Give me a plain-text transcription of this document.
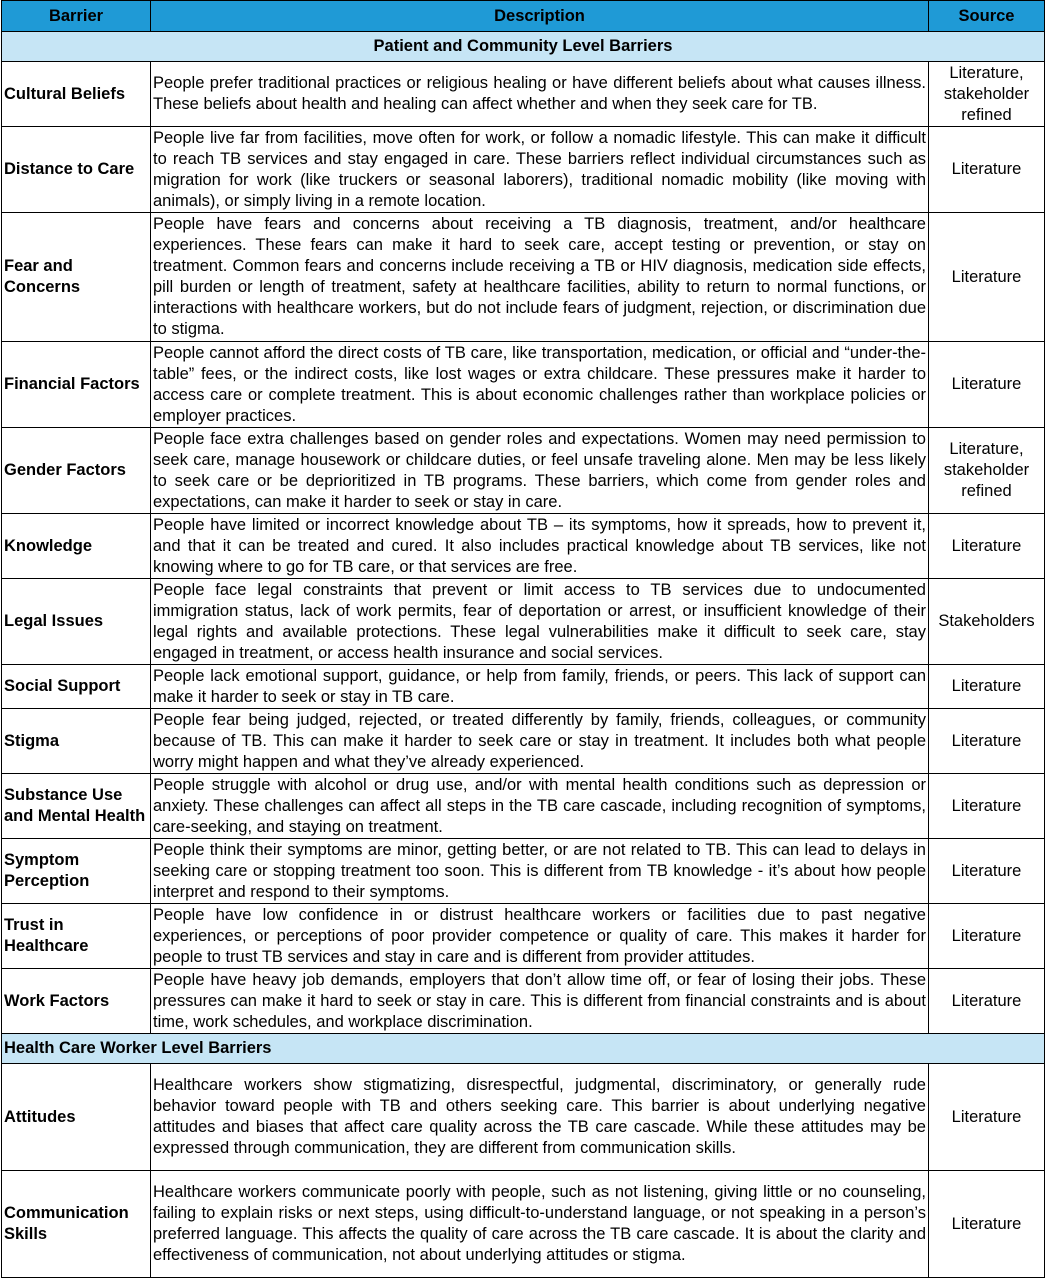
Barrier	Description	Source
Patient and Community Level Barriers		
Cultural Beliefs	People prefer traditional practices or religious healing or have different beliefs about what causes illness. These beliefs about health and healing can affect whether and when they seek care for TB.	Literature, stakeholder refined
Distance to Care	People live far from facilities, move often for work, or follow a nomadic lifestyle. This can make it difficult to reach TB services and stay engaged in care. These barriers reflect individual circumstances such as migration for work (like truckers or seasonal laborers), traditional nomadic mobility (like moving with animals), or simply living in a remote location.	Literature
Fear and Concerns	People have fears and concerns about receiving a TB diagnosis, treatment, and/or healthcare experiences. These fears can make it hard to seek care, accept testing or prevention, or stay on treatment. Common fears and concerns include receiving a TB or HIV diagnosis, medication side effects, pill burden or length of treatment, safety at healthcare facilities, ability to return to normal functions, or interactions with healthcare workers, but do not include fears of judgment, rejection, or discrimination due to stigma.	Literature
Financial Factors	People cannot afford the direct costs of TB care, like transportation, medication, or official and “under-the-table” fees, or the indirect costs, like lost wages or extra childcare. These pressures make it harder to access care or complete treatment. This is about economic challenges rather than workplace policies or employer practices.	Literature
Gender Factors	People face extra challenges based on gender roles and expectations. Women may need permission to seek care, manage housework or childcare duties, or feel unsafe traveling alone. Men may be less likely to seek care or be deprioritized in TB programs. These barriers, which come from gender roles and expectations, can make it harder to seek or stay in care.	Literature, stakeholder refined
Knowledge	People have limited or incorrect knowledge about TB – its symptoms, how it spreads, how to prevent it, and that it can be treated and cured. It also includes practical knowledge about TB services, like not knowing where to go for TB care, or that services are free.	Literature
Legal Issues	People face legal constraints that prevent or limit access to TB services due to undocumented immigration status, lack of work permits, fear of deportation or arrest, or insufficient knowledge of their legal rights and available protections. These legal vulnerabilities make it difficult to seek care, stay engaged in treatment, or access health insurance and social services.	Stakeholders
Social Support	People lack emotional support, guidance, or help from family, friends, or peers. This lack of support can make it harder to seek or stay in TB care.	Literature
Stigma	People fear being judged, rejected, or treated differently by family, friends, colleagues, or community because of TB. This can make it harder to seek care or stay in treatment. It includes both what people worry might happen and what they’ve already experienced.	Literature
Substance Use and Mental Health	People struggle with alcohol or drug use, and/or with mental health conditions such as depression or anxiety. These challenges can affect all steps in the TB care cascade, including recognition of symptoms, care-seeking, and staying on treatment.	Literature
Symptom Perception	People think their symptoms are minor, getting better, or are not related to TB. This can lead to delays in seeking care or stopping treatment too soon. This is different from TB knowledge - it’s about how people interpret and respond to their symptoms.	Literature
Trust in Healthcare	People have low confidence in or distrust healthcare workers or facilities due to past negative experiences, or perceptions of poor provider competence or quality of care. This makes it harder for people to trust TB services and stay in care and is different from provider attitudes.	Literature
Work Factors	People have heavy job demands, employers that don’t allow time off, or fear of losing their jobs. These pressures can make it hard to seek or stay in care. This is different from financial constraints and is about time, work schedules, and workplace discrimination.	Literature
Health Care Worker Level Barriers		
Attitudes	Healthcare workers show stigmatizing, disrespectful, judgmental, discriminatory, or generally rude behavior toward people with TB and others seeking care. This barrier is about underlying negative attitudes and biases that affect care quality across the TB care cascade. While these attitudes may be expressed through communication, they are different from communication skills.	Literature
Communication Skills	Healthcare workers communicate poorly with people, such as not listening, giving little or no counseling, failing to explain risks or next steps, using difficult-to-understand language, or not speaking in a person’s preferred language. This affects the quality of care across the TB care cascade. It is about the clarity and effectiveness of communication, not about underlying attitudes or stigma.	Literature
